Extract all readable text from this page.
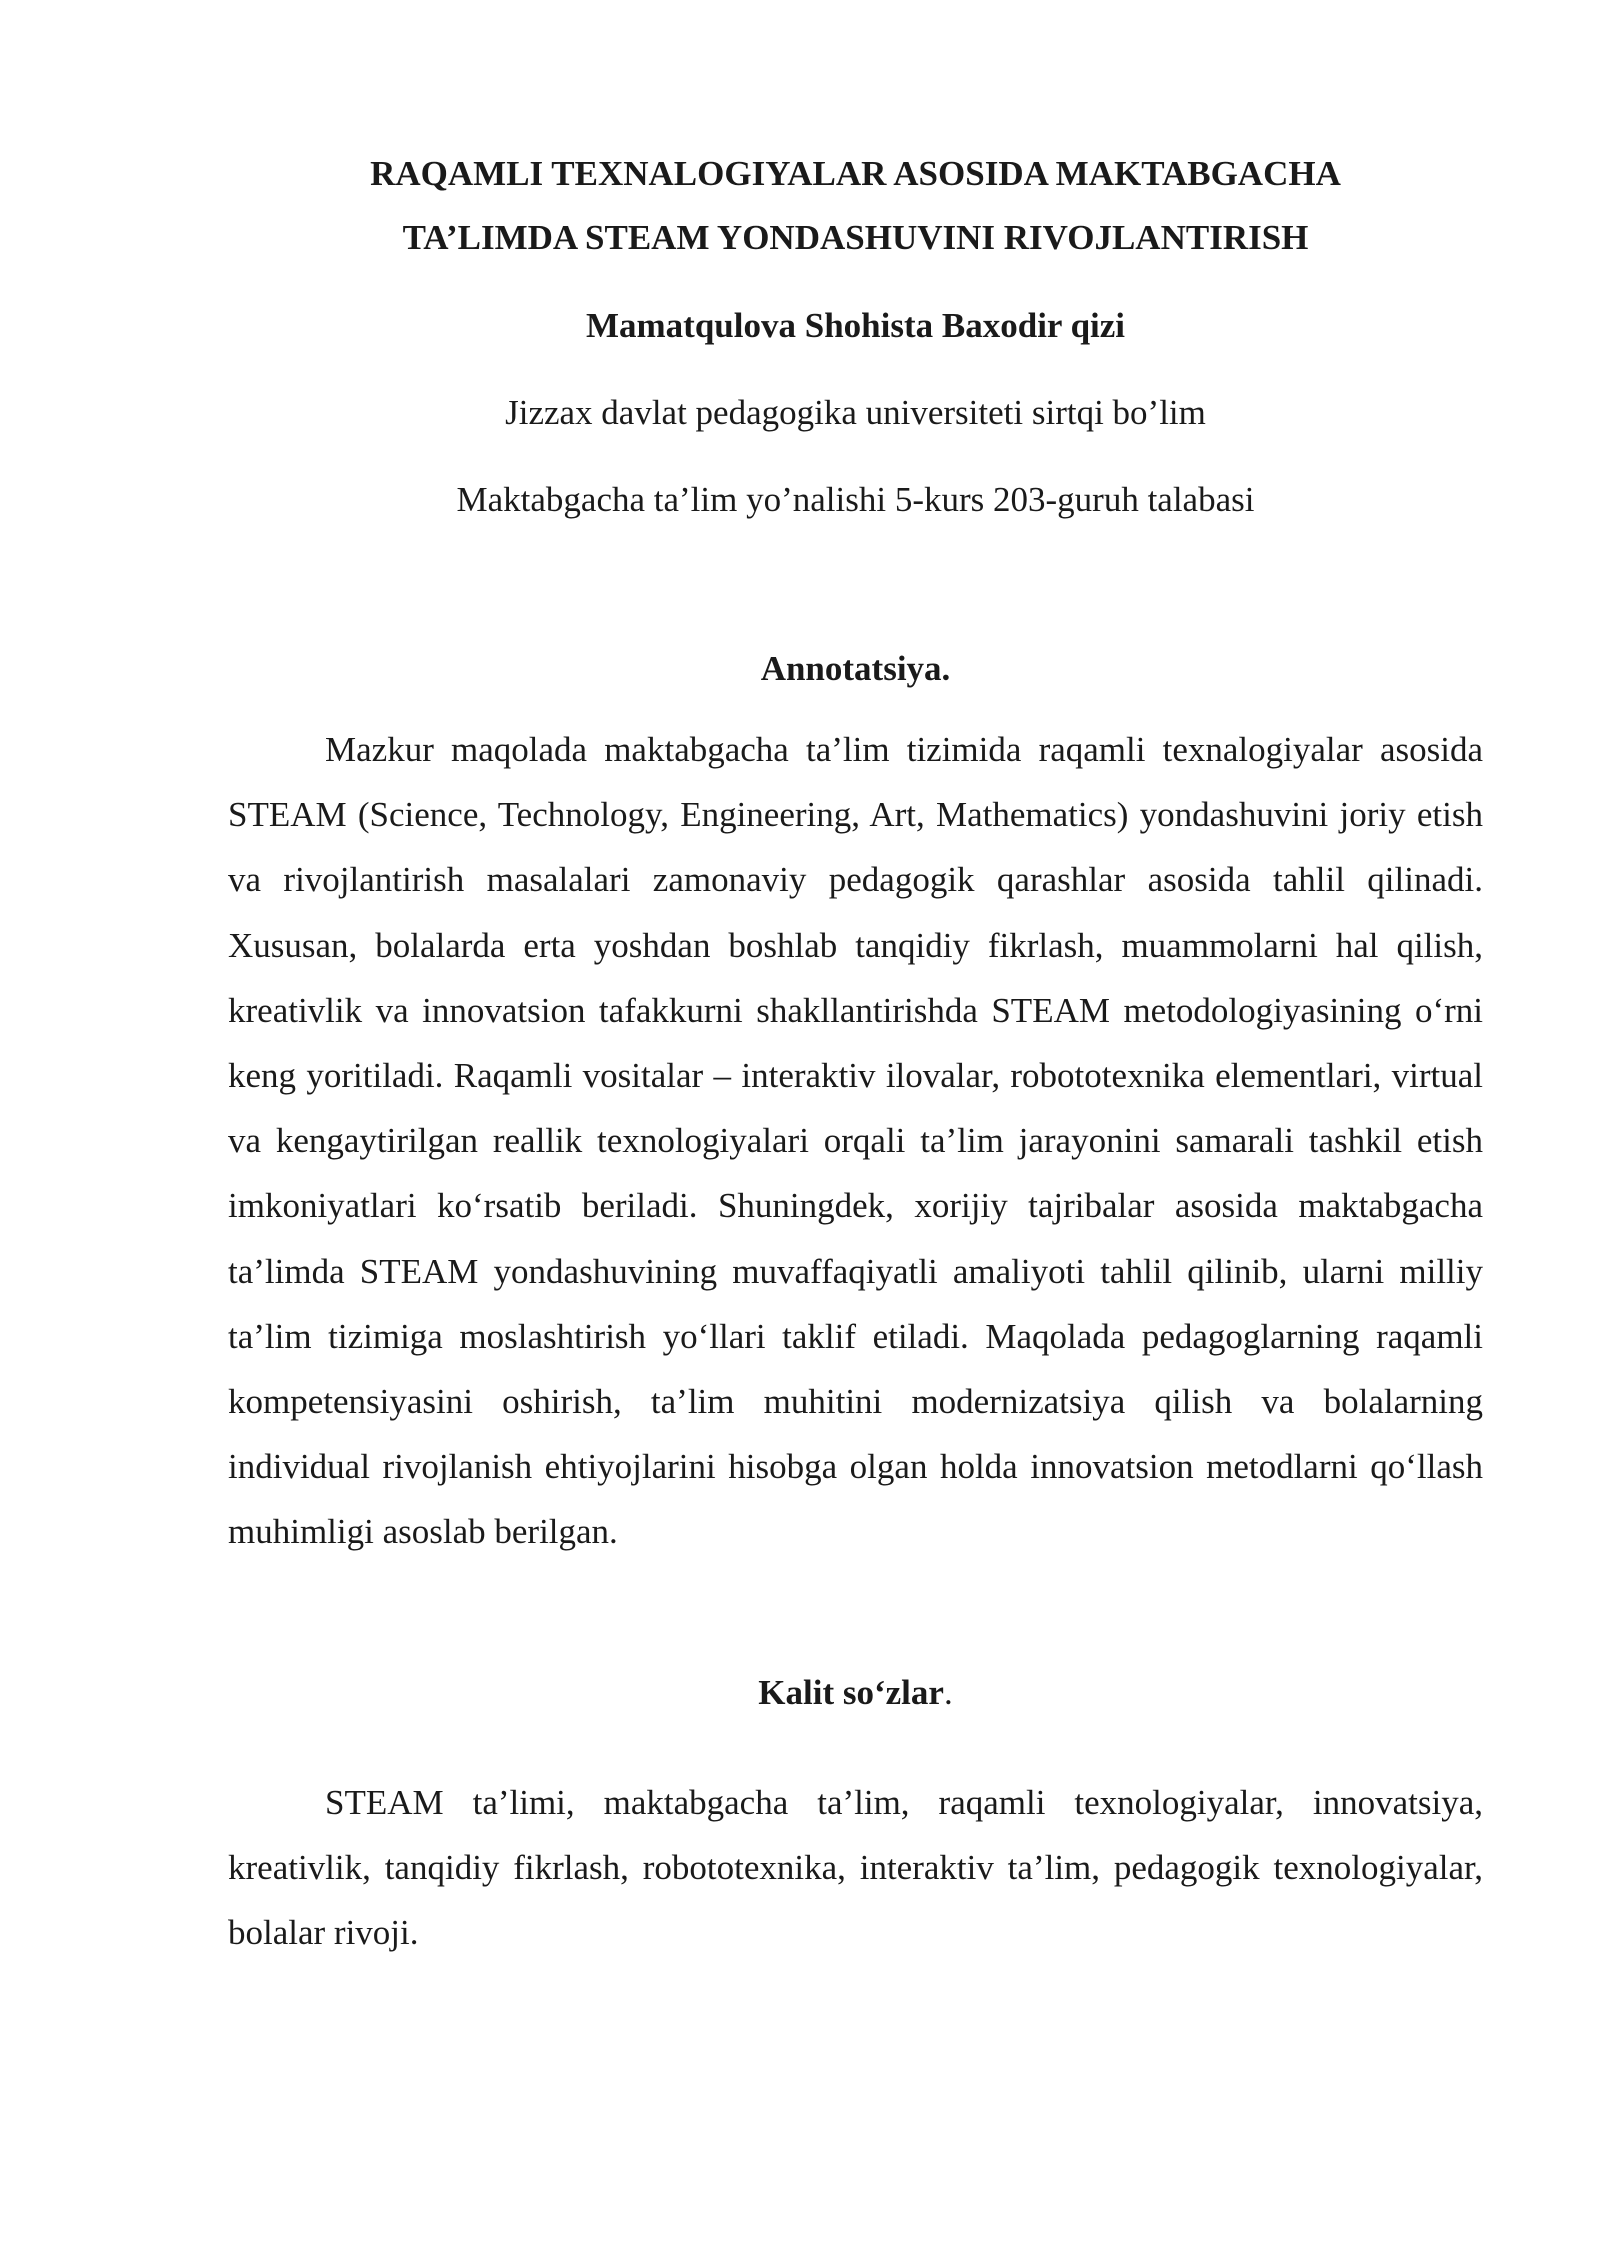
RAQAMLI TEXNALOGIYALAR ASOSIDA MAKTABGACHA

TA’LIMDA STEAM YONDASHUVINI RIVOJLANTIRISH

Mamatqulova Shohista Baxodir qizi

Jizzax davlat pedagogika universiteti sirtqi bo’lim

Maktabgacha ta’lim yo’nalishi 5-kurs 203-guruh talabasi

Annotatsiya.

Mazkur maqolada maktabgacha ta’lim tizimida raqamli texnalogiyalar asosida STEAM (Science, Technology, Engineering, Art, Mathematics) yondashuvini joriy etish va rivojlantirish masalalari zamonaviy pedagogik qarashlar asosida tahlil qilinadi. Xususan, bolalarda erta yoshdan boshlab tanqidiy fikrlash, muammolarni hal qilish, kreativlik va innovatsion tafakkurni shakllantirishda STEAM metodologiyasining o‘rni keng yoritiladi. Raqamli vositalar – interaktiv ilovalar, robototexnika elementlari, virtual va kengaytirilgan reallik texnologiyalari orqali ta’lim jarayonini samarali tashkil etish imkoniyatlari ko‘rsatib beriladi. Shuningdek, xorijiy tajribalar asosida maktabgacha ta’limda STEAM yondashuvining muvaffaqiyatli amaliyoti tahlil qilinib, ularni milliy ta’lim tizimiga moslashtirish yo‘llari taklif etiladi. Maqolada pedagoglarning raqamli kompetensiyasini oshirish, ta’lim muhitini modernizatsiya qilish va bolalarning individual rivojlanish ehtiyojlarini hisobga olgan holda innovatsion metodlarni qo‘llash muhimligi asoslab berilgan.

Kalit so‘zlar.

STEAM ta’limi, maktabgacha ta’lim, raqamli texnologiyalar, innovatsiya, kreativlik, tanqidiy fikrlash, robototexnika, interaktiv ta’lim, pedagogik texnologiyalar, bolalar rivoji.
